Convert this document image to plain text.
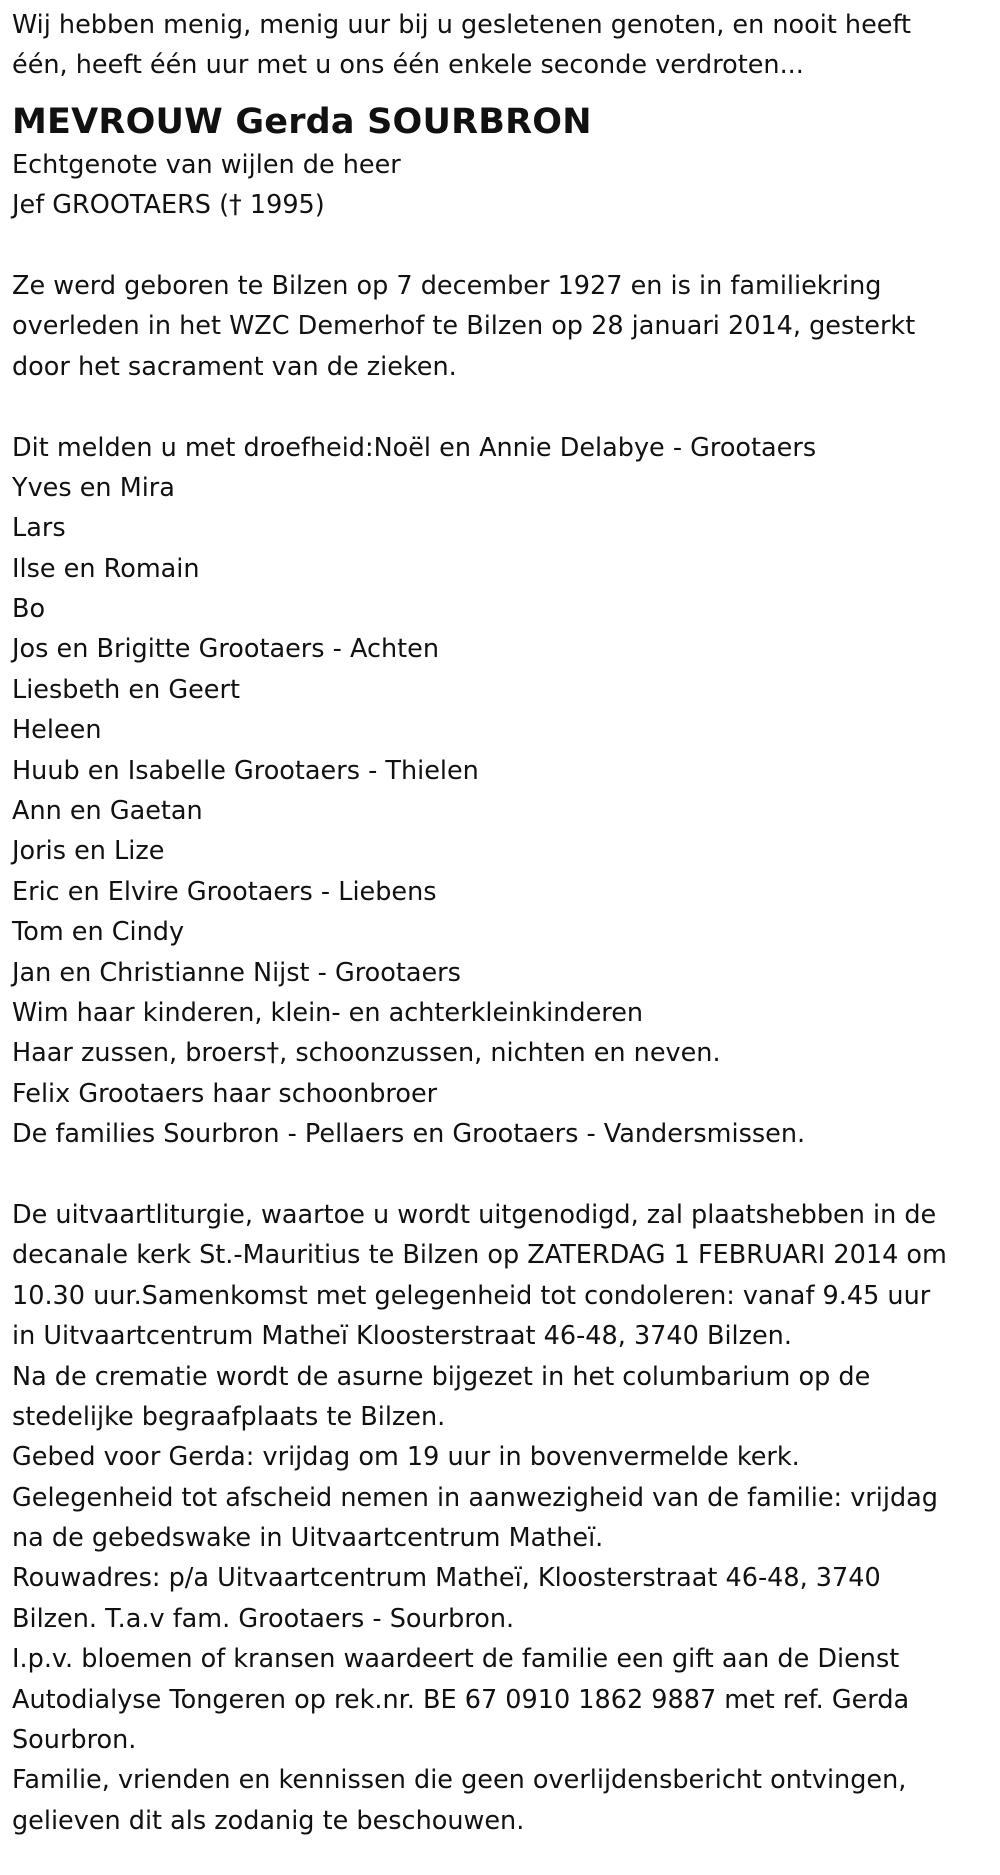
Wij hebben menig, menig uur bij u gesletenen genoten, en nooit heeft
één, heeft één uur met u ons één enkele seconde verdroten...
MEVROUW Gerda SOURBRON
Echtgenote van wijlen de heer
Jef GROOTAERS († 1995)
Ze werd geboren te Bilzen op 7 december 1927 en is in familiekring
overleden in het WZC Demerhof te Bilzen op 28 januari 2014, gesterkt
door het sacrament van de zieken.
Dit melden u met droefheid:Noël en Annie Delabye - Grootaers
Yves en Mira
Lars
Ilse en Romain
Bo
Jos en Brigitte Grootaers - Achten
Liesbeth en Geert
Heleen
Huub en Isabelle Grootaers - Thielen
Ann en Gaetan
Joris en Lize
Eric en Elvire Grootaers - Liebens
Tom en Cindy
Jan en Christianne Nijst - Grootaers
Wim haar kinderen, klein- en achterkleinkinderen
Haar zussen, broers†, schoonzussen, nichten en neven.
Felix Grootaers haar schoonbroer
De families Sourbron - Pellaers en Grootaers - Vandersmissen.
De uitvaartliturgie, waartoe u wordt uitgenodigd, zal plaatshebben in de
decanale kerk St.-Mauritius te Bilzen op ZATERDAG 1 FEBRUARI 2014 om
10.30 uur.Samenkomst met gelegenheid tot condoleren: vanaf 9.45 uur
in Uitvaartcentrum Matheï Kloosterstraat 46-48, 3740 Bilzen.
Na de crematie wordt de asurne bijgezet in het columbarium op de
stedelijke begraafplaats te Bilzen.
Gebed voor Gerda: vrijdag om 19 uur in bovenvermelde kerk.
Gelegenheid tot afscheid nemen in aanwezigheid van de familie: vrijdag
na de gebedswake in Uitvaartcentrum Matheï.
Rouwadres: p/a Uitvaartcentrum Matheï, Kloosterstraat 46-48, 3740
Bilzen. T.a.v fam. Grootaers - Sourbron.
I.p.v. bloemen of kransen waardeert de familie een gift aan de Dienst
Autodialyse Tongeren op rek.nr. BE 67 0910 1862 9887 met ref. Gerda
Sourbron.
Familie, vrienden en kennissen die geen overlijdensbericht ontvingen,
gelieven dit als zodanig te beschouwen.
